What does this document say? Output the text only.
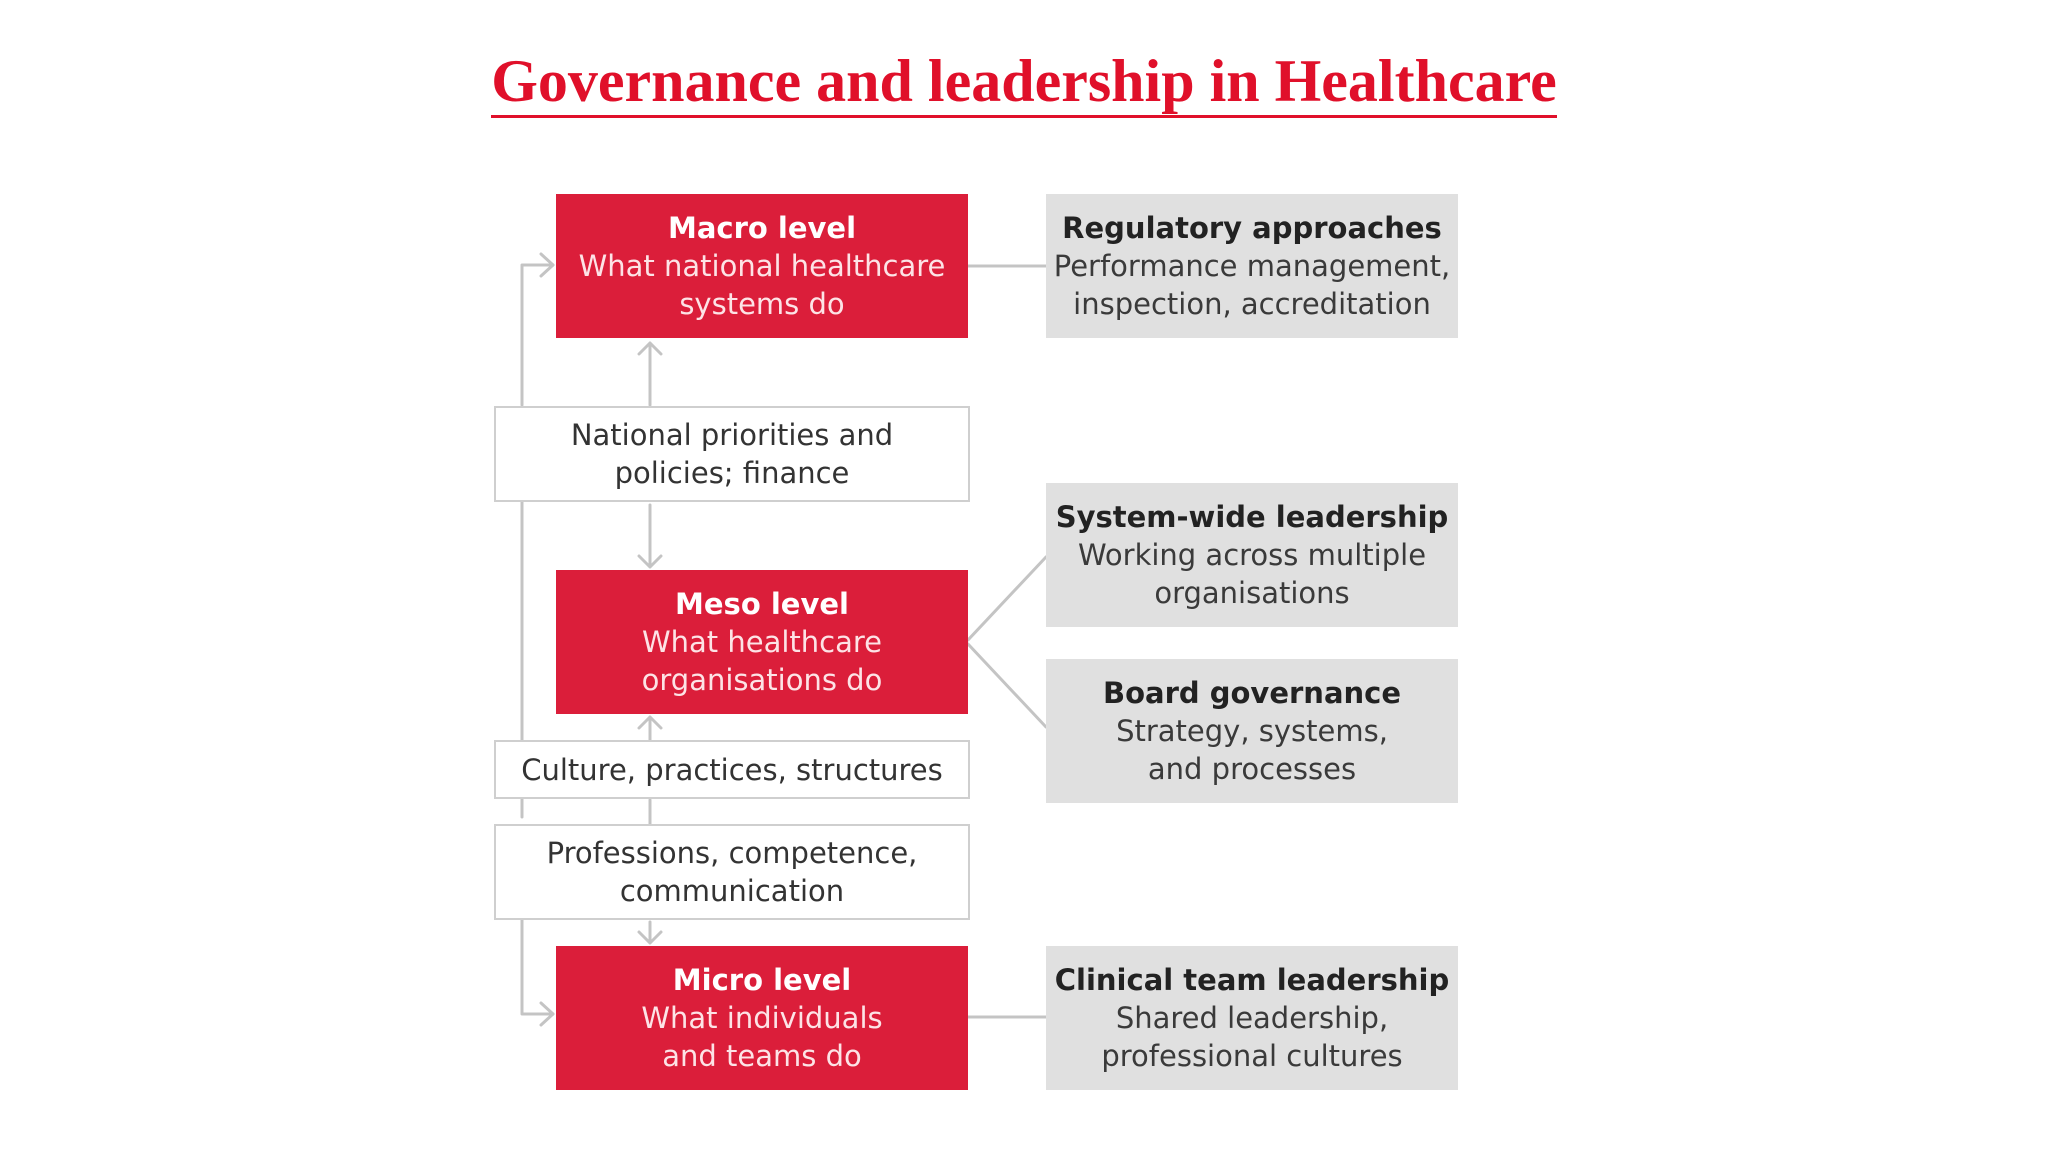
Governance and leadership in Healthcare
Macro level
What national healthcare
systems do
Meso level
What healthcare
organisations do
Micro level
What individuals
and teams do
National priorities and
policies; finance
Culture, practices, structures
Professions, competence,
communication
Regulatory approaches
Performance management,
inspection, accreditation
System-wide leadership
Working across multiple
organisations
Board governance
Strategy, systems,
and processes
Clinical team leadership
Shared leadership,
professional cultures
